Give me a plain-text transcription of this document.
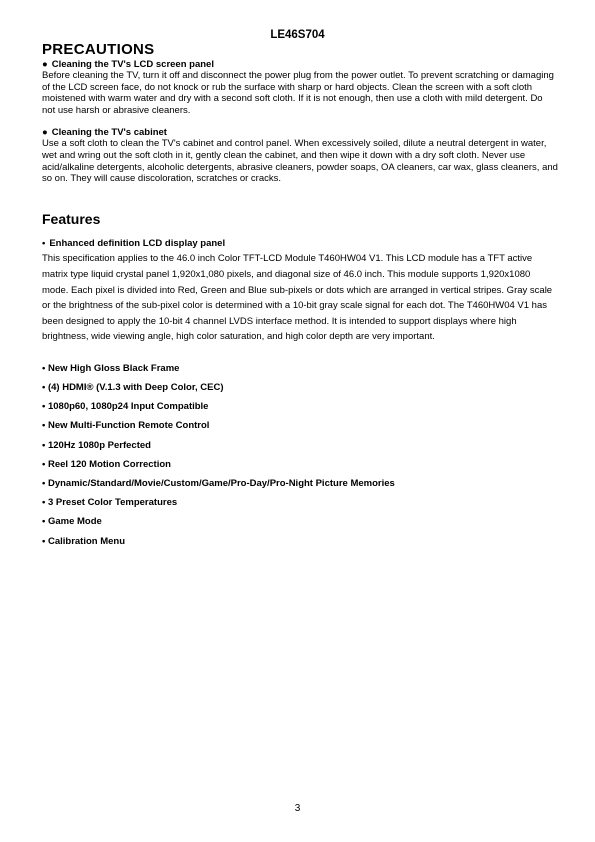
LE46S704
PRECAUTIONS

● Cleaning the TV's LCD screen panel

Before cleaning the TV, turn it off and disconnect the power plug from the power outlet. To prevent scratching or damaging of the LCD screen face, do not knock or rub the surface with sharp or hard objects. Clean the screen with a soft cloth moistened with warm water and dry with a second soft cloth. If it is not enough, then use a cloth with mild detergent. Do not use harsh or abrasive cleaners.

● Cleaning the TV's cabinet

Use a soft cloth to clean the TV's cabinet and control panel. When excessively soiled, dilute a neutral detergent in water, wet and wring out the soft cloth in it, gently clean the cabinet, and then wipe it down with a dry soft cloth. Never use acid/alkaline detergents, alcoholic detergents, abrasive cleaners, powder soaps, OA cleaners, car wax, glass cleaners, and so on. They will cause discoloration, scratches or cracks.

Features

• Enhanced definition LCD display panel

This specification applies to the 46.0 inch Color TFT-LCD Module T460HW04 V1. This LCD module has a TFT active matrix type liquid crystal panel 1,920x1,080 pixels, and diagonal size of 46.0 inch. This module supports 1,920x1080 mode. Each pixel is divided into Red, Green and Blue sub-pixels or dots which are arranged in vertical stripes. Gray scale or the brightness of the sub-pixel color is determined with a 10-bit gray scale signal for each dot. The T460HW04 V1 has been designed to apply the 10-bit 4 channel LVDS interface method. It is intended to support displays where high brightness, wide viewing angle, high color saturation, and high color depth are very important.

• New High Gloss Black Frame
• (4) HDMI® (V.1.3 with Deep Color, CEC)
• 1080p60, 1080p24 Input Compatible
• New Multi-Function Remote Control
• 120Hz 1080p Perfected
• Reel 120 Motion Correction
• Dynamic/Standard/Movie/Custom/Game/Pro-Day/Pro-Night Picture Memories
• 3 Preset Color Temperatures
• Game Mode
• Calibration Menu
3
